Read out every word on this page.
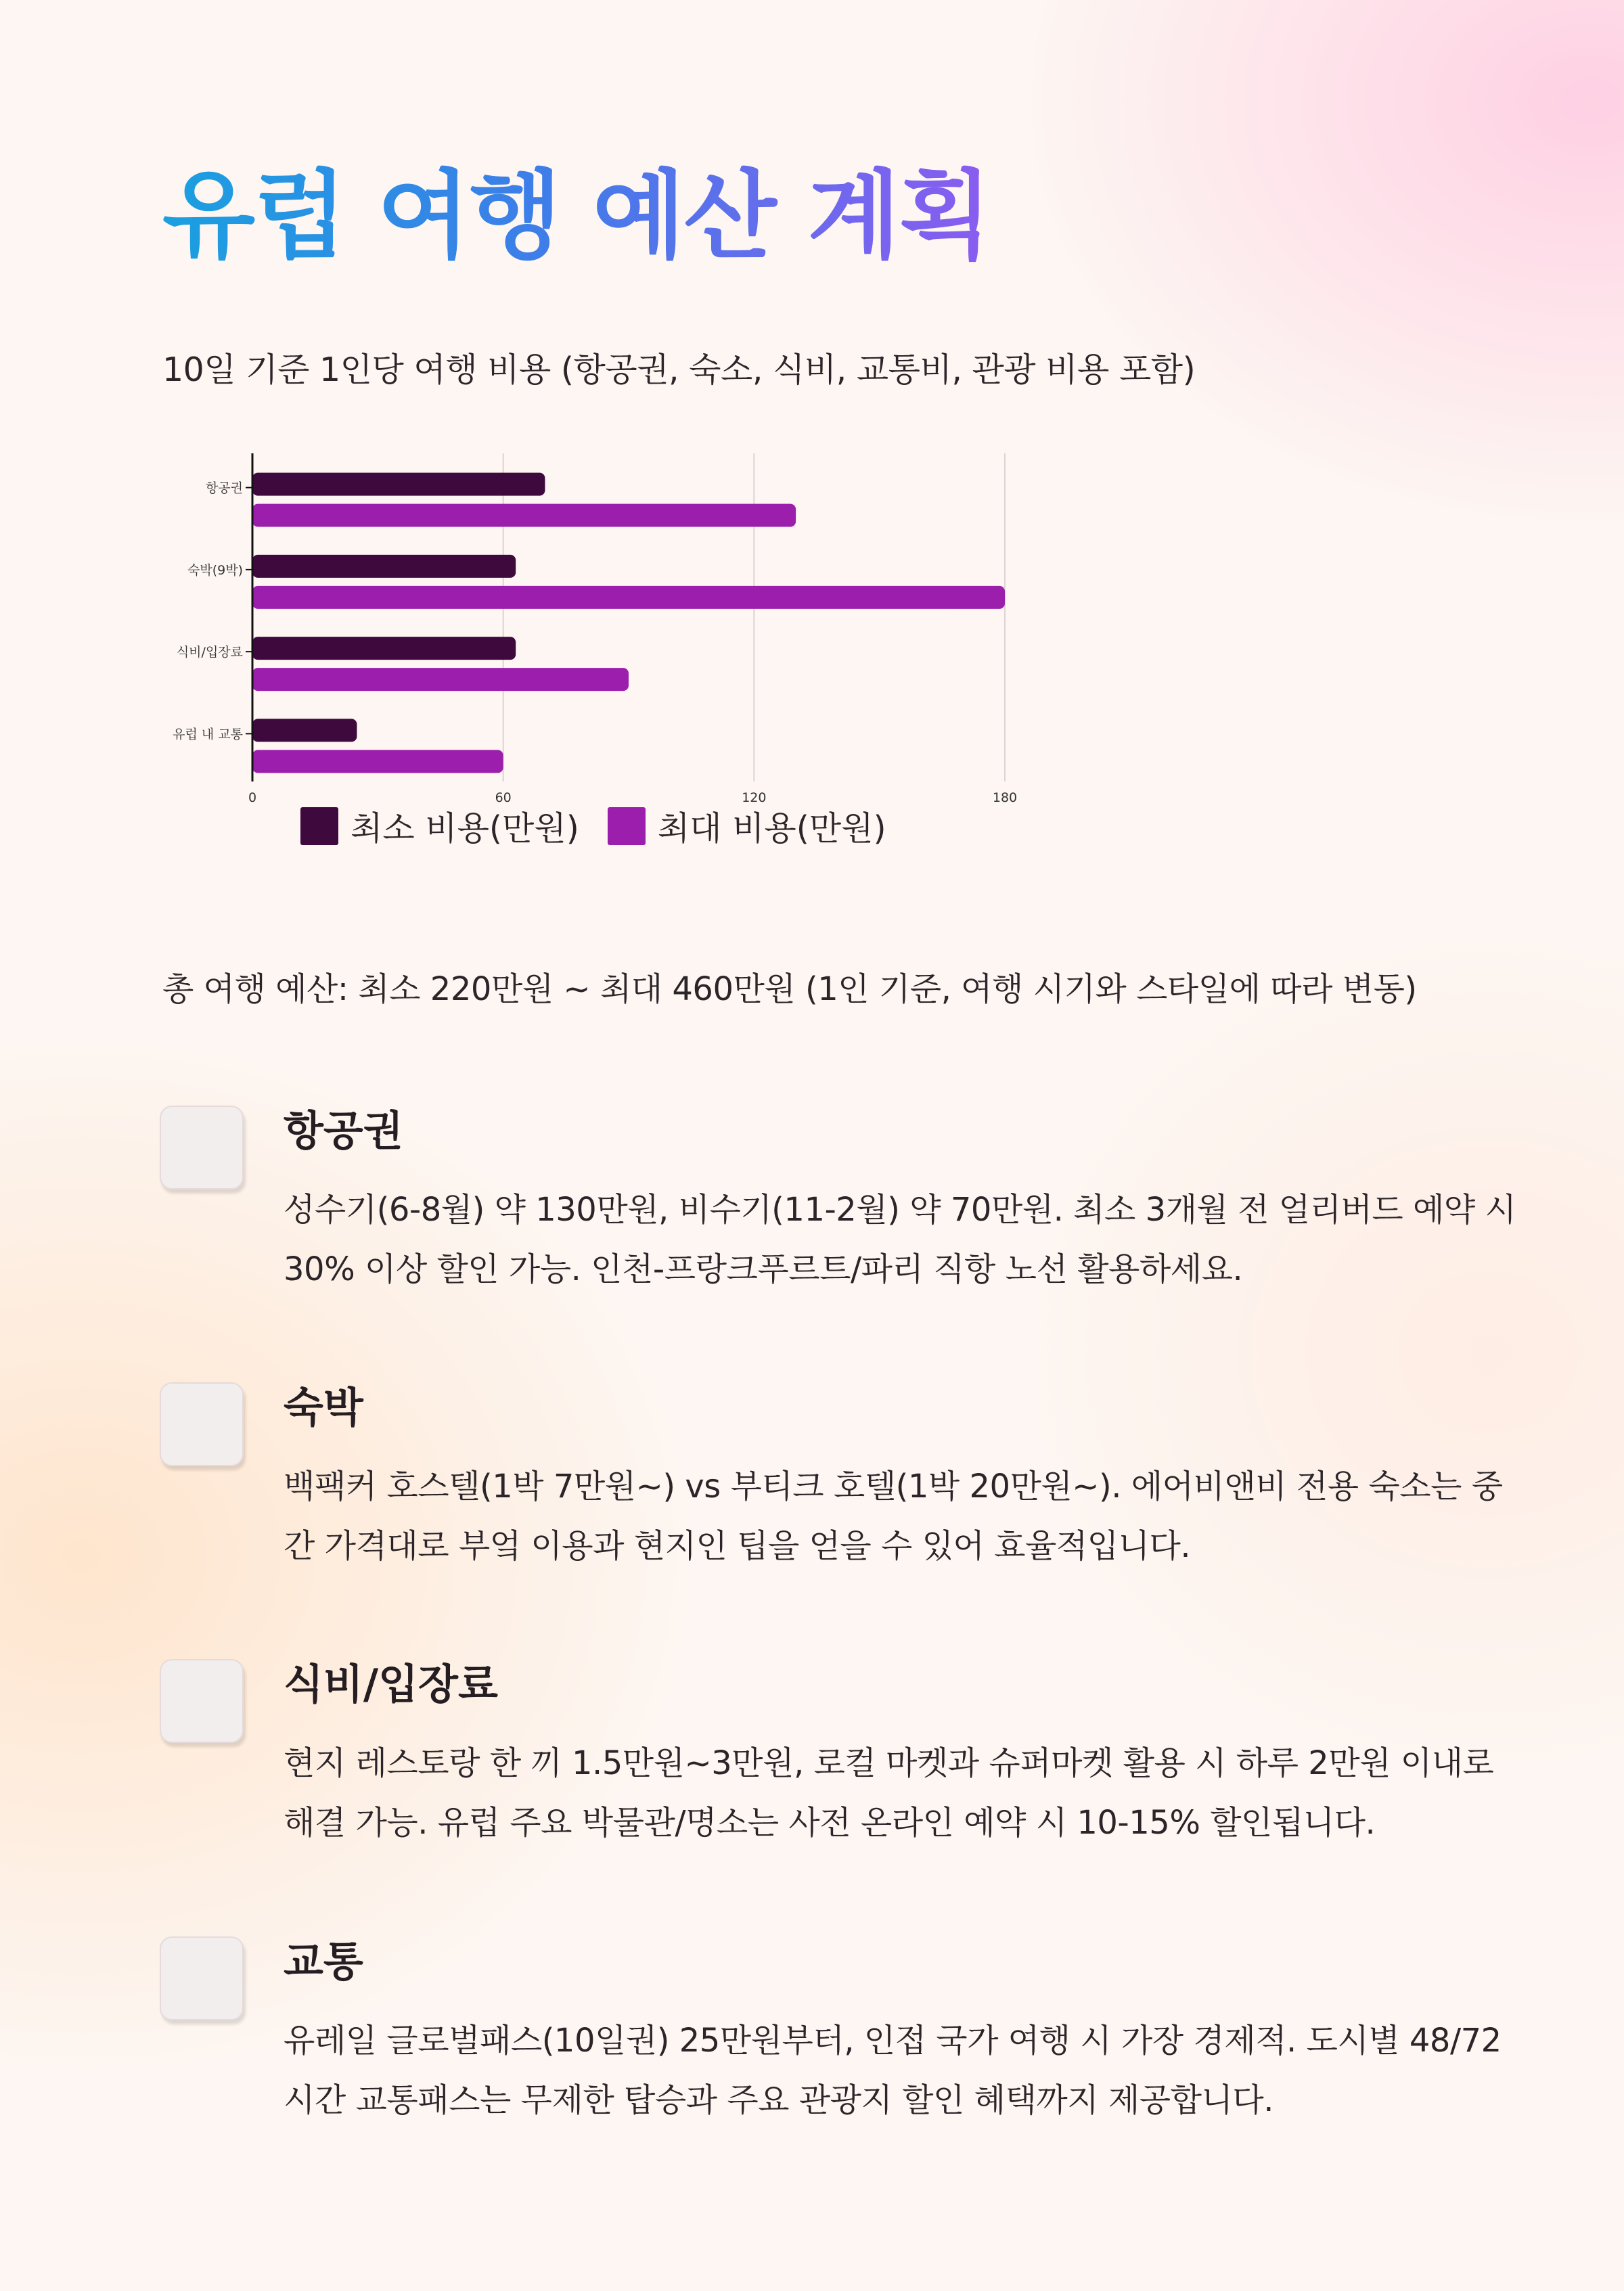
유럽 여행 예산 계획
10일 기준 1인당 여행 비용 (항공권, 숙소, 식비, 교통비, 관광 비용 포함)
0	60	120	180
항공권
숙박(9박)
식비/입장료
유럽 내 교통
최소 비용(만원) 최대 비용(만원)
총 여행 예산: 최소 220만원 ~ 최대 460만원 (1인 기준, 여행 시기와 스타일에 따라 변동)
항공권

성수기(6-8월) 약 130만원, 비수기(11-2월) 약 70만원. 최소 3개월 전 얼리버드 예약 시 30% 이상 할인 가능. 인천-프랑크푸르트/파리 직항 노선 활용하세요.

숙박

백팩커 호스텔(1박 7만원~) vs 부티크 호텔(1박 20만원~). 에어비앤비 전용 숙소는 중간 가격대로 부엌 이용과 현지인 팁을 얻을 수 있어 효율적입니다.

식비/입장료

현지 레스토랑 한 끼 1.5만원~3만원, 로컬 마켓과 슈퍼마켓 활용 시 하루 2만원 이내로 해결 가능. 유럽 주요 박물관/명소는 사전 온라인 예약 시 10-15% 할인됩니다.

교통

유레일 글로벌패스(10일권) 25만원부터, 인접 국가 여행 시 가장 경제적. 도시별 48/72시간 교통패스는 무제한 탑승과 주요 관광지 할인 혜택까지 제공합니다.
